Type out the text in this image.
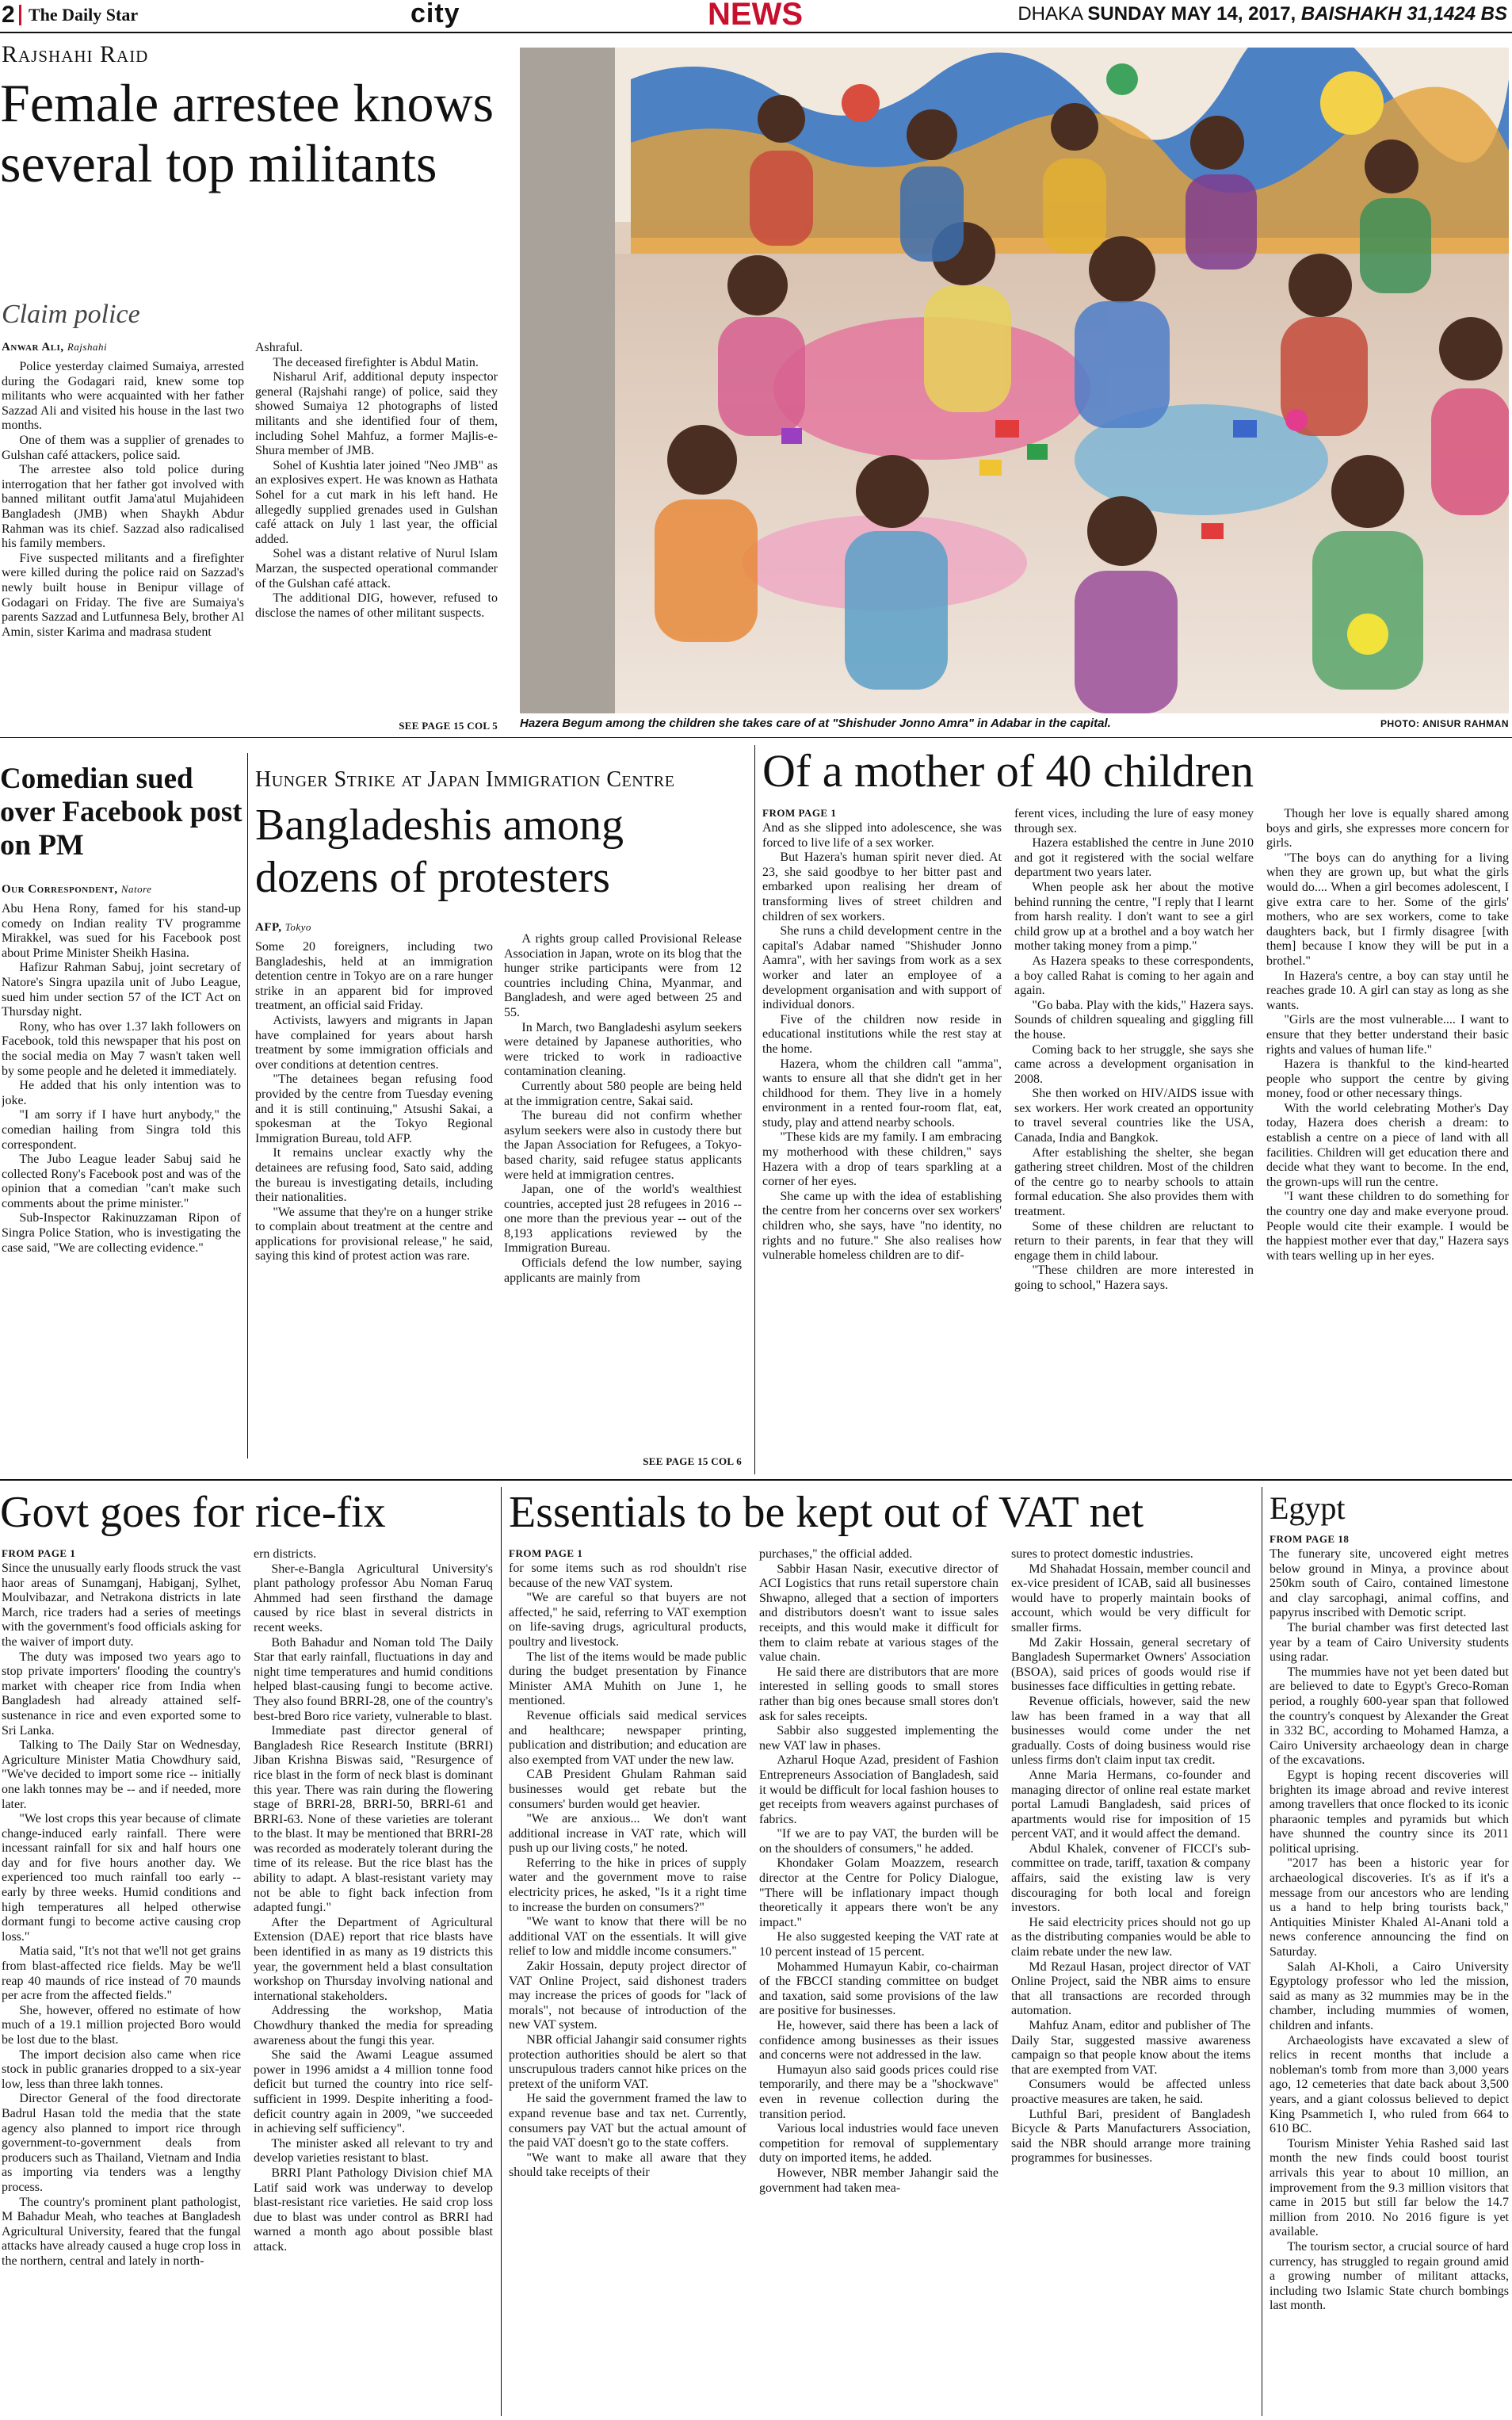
2 The Daily Star	city	NEWS	DHAKA SUNDAY MAY 14, 2017, BAISHAKH 31,1424 BS
Rajshahi Raid
Female arrestee knows several top militants
Claim police
Anwar Ali, Rajshahi

Police yesterday claimed Sumaiya, arrested during the Godagari raid, knew some top militants who were acquainted with her father Sazzad Ali and visited his house in the last two months.

One of them was a supplier of grenades to Gulshan café attackers, police said.

The arrestee also told police during interrogation that her father got involved with banned militant outfit Jama'atul Mujahideen Bangladesh (JMB) when Shaykh Abdur Rahman was its chief. Sazzad also radicalised his family members.

Five suspected militants and a firefighter were killed during the police raid on Sazzad's newly built house in Benipur village of Godagari on Friday. The five are Sumaiya's parents Sazzad and Lutfunnesa Bely, brother Al Amin, sister Karima and madrasa student

Ashraful.

The deceased firefighter is Abdul Matin.

Nisharul Arif, additional deputy inspector general (Rajshahi range) of police, said they showed Sumaiya 12 photographs of listed militants and she identified four of them, including Sohel Mahfuz, a former Majlis-e-Shura member of JMB.

Sohel of Kushtia later joined "Neo JMB" as an explosives expert. He was known as Hathata Sohel for a cut mark in his left hand. He allegedly supplied grenades used in Gulshan café attack on July 1 last year, the official added.

Sohel was a distant relative of Nurul Islam Marzan, the suspected operational commander of the Gulshan café attack.

The additional DIG, however, refused to disclose the names of other militant suspects.

SEE PAGE 15 COL 5 Hazera Begum among the children she takes care of at "Shishuder Jonno Amra" in Adabar in the capital.	PHOTO: ANISUR RAHMAN
Comedian sued over Facebook post on PM
Our Correspondent, Natore

Abu Hena Rony, famed for his stand-up comedy on Indian reality TV programme Mirakkel, was sued for his Facebook post about Prime Minister Sheikh Hasina.

Hafizur Rahman Sabuj, joint secretary of Natore's Singra upazila unit of Jubo League, sued him under section 57 of the ICT Act on Thursday night.

Rony, who has over 1.37 lakh followers on Facebook, told this newspaper that his post on the social media on May 7 wasn't taken well by some people and he deleted it immediately.

He added that his only intention was to joke.

"I am sorry if I have hurt anybody," the comedian hailing from Singra told this correspondent.

The Jubo League leader Sabuj said he collected Rony's Facebook post and was of the opinion that a comedian "can't make such comments about the prime minister."

Sub-Inspector Rakinuzzaman Ripon of Singra Police Station, who is investigating the case said, "We are collecting evidence."

Hunger Strike at Japan Immigration Centre
Bangladeshis among dozens of protesters
AFP, Tokyo

Some 20 foreigners, including two Bangladeshis, held at an immigration detention centre in Tokyo are on a rare hunger strike in an apparent bid for improved treatment, an official said Friday.

Activists, lawyers and migrants in Japan have complained for years about harsh treatment by some immigration officials and over conditions at detention centres.

"The detainees began refusing food provided by the centre from Tuesday evening and it is still continuing," Atsushi Sakai, a spokesman at the Tokyo Regional Immigration Bureau, told AFP.

It remains unclear exactly why the detainees are refusing food, Sato said, adding the bureau is investigating details, including their nationalities.

"We assume that they're on a hunger strike to complain about treatment at the centre and applications for provisional release," he said, saying this kind of protest action was rare.

A rights group called Provisional Release Association in Japan, wrote on its blog that the hunger strike participants were from 12 countries including China, Myanmar, and Bangladesh, and were aged between 25 and 55.

In March, two Bangladeshi asylum seekers were detained by Japanese authorities, who were tricked to work in radioactive contamination cleaning.

Currently about 580 people are being held at the immigration centre, Sakai said.

The bureau did not confirm whether asylum seekers were also in custody there but the Japan Association for Refugees, a Tokyo-based charity, said refugee status applicants were held at immigration centres.

Japan, one of the world's wealthiest countries, accepted just 28 refugees in 2016 -- one more than the previous year -- out of the 8,193 applications reviewed by the Immigration Bureau.

Officials defend the low number, saying applicants are mainly from

SEE PAGE 15 COL 6
Of a mother of 40 children
FROM PAGE 1

And as she slipped into adolescence, she was forced to live life of a sex worker.

But Hazera's human spirit never died. At 23, she said goodbye to her bitter past and embarked upon realising her dream of transforming lives of street children and children of sex workers.

She runs a child development centre in the capital's Adabar named "Shishuder Jonno Aamra", with her savings from work as a sex worker and later an employee of a development organisation and with support of individual donors.

Five of the children now reside in educational institutions while the rest stay at the home.

Hazera, whom the children call "amma", wants to ensure all that she didn't get in her childhood for them. They live in a homely environment in a rented four-room flat, eat, study, play and attend nearby schools.

"These kids are my family. I am embracing my motherhood with these children," says Hazera with a drop of tears sparkling at a corner of her eyes.

She came up with the idea of establishing the centre from her concerns over sex workers' children who, she says, have "no identity, no rights and no future." She also realises how vulnerable homeless children are to dif-

ferent vices, including the lure of easy money through sex.

Hazera established the centre in June 2010 and got it registered with the social welfare department two years later.

When people ask her about the motive behind running the centre, "I reply that I learnt from harsh reality. I don't want to see a girl child grow up at a brothel and a boy watch her mother taking money from a pimp."

As Hazera speaks to these correspondents, a boy called Rahat is coming to her again and again.

"Go baba. Play with the kids," Hazera says. Sounds of children squealing and giggling fill the house.

Coming back to her struggle, she says she came across a development organisation in 2008.

She then worked on HIV/AIDS issue with sex workers. Her work created an opportunity to travel several countries like the USA, Canada, India and Bangkok.

After establishing the shelter, she began gathering street children. Most of the children of the centre go to nearby schools to attain formal education. She also provides them with treatment.

Some of these children are reluctant to return to their parents, in fear that they will engage them in child labour.

"These children are more interested in going to school," Hazera says.

Though her love is equally shared among boys and girls, she expresses more concern for girls.

"The boys can do anything for a living when they are grown up, but what the girls would do.... When a girl becomes adolescent, I give extra care to her. Some of the girls' mothers, who are sex workers, come to take daughters back, but I firmly disagree [with them] because I know they will be put in a brothel."

In Hazera's centre, a boy can stay until he reaches grade 10. A girl can stay as long as she wants.

"Girls are the most vulnerable.... I want to ensure that they better understand their basic rights and values of human life."

Hazera is thankful to the kind-hearted people who support the centre by giving money, food or other necessary things.

With the world celebrating Mother's Day today, Hazera does cherish a dream: to establish a centre on a piece of land with all facilities. Children will get education there and decide what they want to become. In the end, the grown-ups will run the centre.

"I want these children to do something for the country one day and make everyone proud. People would cite their example. I would be the happiest mother ever that day," Hazera says with tears welling up in her eyes.

Govt goes for rice-fix
FROM PAGE 1

Since the unusually early floods struck the vast haor areas of Sunamganj, Habiganj, Sylhet, Moulvibazar, and Netrakona districts in late March, rice traders had a series of meetings with the government's food officials asking for the waiver of import duty.

The duty was imposed two years ago to stop private importers' flooding the country's market with cheaper rice from India when Bangladesh had already attained self-sustenance in rice and even exported some to Sri Lanka.

Talking to The Daily Star on Wednesday, Agriculture Minister Matia Chowdhury said, "We've decided to import some rice -- initially one lakh tonnes may be -- and if needed, more later.

"We lost crops this year because of climate change-induced early rainfall. There were incessant rainfall for six and half hours one day and for five hours another day. We experienced too much rainfall too early -- early by three weeks. Humid conditions and high temperatures all helped otherwise dormant fungi to become active causing crop loss."

Matia said, "It's not that we'll not get grains from blast-affected rice fields. May be we'll reap 40 maunds of rice instead of 70 maunds per acre from the affected fields."

She, however, offered no estimate of how much of a 19.1 million projected Boro would be lost due to the blast.

The import decision also came when rice stock in public granaries dropped to a six-year low, less than three lakh tonnes.

Director General of the food directorate Badrul Hasan told the media that the state agency also planned to import rice through government-to-government deals from producers such as Thailand, Vietnam and India as importing via tenders was a lengthy process.

The country's prominent plant pathologist, M Bahadur Meah, who teaches at Bangladesh Agricultural University, feared that the fungal attacks have already caused a huge crop loss in the northern, central and lately in north-

ern districts.

Sher-e-Bangla Agricultural University's plant pathology professor Abu Noman Faruq Ahmmed had seen firsthand the damage caused by rice blast in several districts in recent weeks.

Both Bahadur and Noman told The Daily Star that early rainfall, fluctuations in day and night time temperatures and humid conditions helped blast-causing fungi to become active. They also found BRRI-28, one of the country's best-bred Boro rice variety, vulnerable to blast.

Immediate past director general of Bangladesh Rice Research Institute (BRRI) Jiban Krishna Biswas said, "Resurgence of rice blast in the form of neck blast is dominant this year. There was rain during the flowering stage of BRRI-28, BRRI-50, BRRI-61 and BRRI-63. None of these varieties are tolerant to the blast. It may be mentioned that BRRI-28 was recorded as moderately tolerant during the time of its release. But the rice blast has the ability to adapt. A blast-resistant variety may not be able to fight back infection from adapted fungi."

After the Department of Agricultural Extension (DAE) report that rice blasts have been identified in as many as 19 districts this year, the government held a blast consultation workshop on Thursday involving national and international stakeholders.

Addressing the workshop, Matia Chowdhury thanked the media for spreading awareness about the fungi this year.

She said the Awami League assumed power in 1996 amidst a 4 million tonne food deficit but turned the country into rice self-sufficient in 1999. Despite inheriting a food-deficit country again in 2009, "we succeeded in achieving self sufficiency".

The minister asked all relevant to try and develop varieties resistant to blast.

BRRI Plant Pathology Division chief MA Latif said work was underway to develop blast-resistant rice varieties. He said crop loss due to blast was under control as BRRI had warned a month ago about possible blast attack.

Essentials to be kept out of VAT net
FROM PAGE 1

for some items such as rod shouldn't rise because of the new VAT system.

"We are careful so that buyers are not affected," he said, referring to VAT exemption on life-saving drugs, agricultural products, poultry and livestock.

The list of the items would be made public during the budget presentation by Finance Minister AMA Muhith on June 1, he mentioned.

Revenue officials said medical services and healthcare; newspaper printing, publication and distribution; and education are also exempted from VAT under the new law.

CAB President Ghulam Rahman said businesses would get rebate but the consumers' burden would get heavier.

"We are anxious... We don't want additional increase in VAT rate, which will push up our living costs," he noted.

Referring to the hike in prices of supply water and the government move to raise electricity prices, he asked, "Is it a right time to increase the burden on consumers?"

"We want to know that there will be no additional VAT on the essentials. It will give relief to low and middle income consumers."

Zakir Hossain, deputy project director of VAT Online Project, said dishonest traders may increase the prices of goods for "lack of morals", not because of introduction of the new VAT system.

NBR official Jahangir said consumer rights protection authorities should be alert so that unscrupulous traders cannot hike prices on the pretext of the uniform VAT.

He said the government framed the law to expand revenue base and tax net. Currently, consumers pay VAT but the actual amount of the paid VAT doesn't go to the state coffers.

"We want to make all aware that they should take receipts of their

purchases," the official added.

Sabbir Hasan Nasir, executive director of ACI Logistics that runs retail superstore chain Shwapno, alleged that a section of importers and distributors doesn't want to issue sales receipts, and this would make it difficult for them to claim rebate at various stages of the value chain.

He said there are distributors that are more interested in selling goods to small stores rather than big ones because small stores don't ask for sales receipts.

Sabbir also suggested implementing the new VAT law in phases.

Azharul Hoque Azad, president of Fashion Entrepreneurs Association of Bangladesh, said it would be difficult for local fashion houses to get receipts from weavers against purchases of fabrics.

"If we are to pay VAT, the burden will be on the shoulders of consumers," he added.

Khondaker Golam Moazzem, research director at the Centre for Policy Dialogue, "There will be inflationary impact though theoretically it appears there won't be any impact."

He also suggested keeping the VAT rate at 10 percent instead of 15 percent.

Mohammed Humayun Kabir, co-chairman of the FBCCI standing committee on budget and taxation, said some provisions of the law are positive for businesses.

He, however, said there has been a lack of confidence among businesses as their issues and concerns were not addressed in the law.

Humayun also said goods prices could rise temporarily, and there may be a "shockwave" even in revenue collection during the transition period.

Various local industries would face uneven competition for removal of supplementary duty on imported items, he added.

However, NBR member Jahangir said the government had taken mea-

sures to protect domestic industries.

Md Shahadat Hossain, member council and ex-vice president of ICAB, said all businesses would have to properly maintain books of account, which would be very difficult for smaller firms.

Md Zakir Hossain, general secretary of Bangladesh Supermarket Owners' Association (BSOA), said prices of goods would rise if businesses face difficulties in getting rebate.

Revenue officials, however, said the new law has been framed in a way that all businesses would come under the net gradually. Costs of doing business would rise unless firms don't claim input tax credit.

Anne Maria Hermans, co-founder and managing director of online real estate market portal Lamudi Bangladesh, said prices of apartments would rise for imposition of 15 percent VAT, and it would affect the demand.

Abdul Khalek, convener of FICCI's sub-committee on trade, tariff, taxation & company affairs, said the existing law is very discouraging for both local and foreign investors.

He said electricity prices should not go up as the distributing companies would be able to claim rebate under the new law.

Md Rezaul Hasan, project director of VAT Online Project, said the NBR aims to ensure that all transactions are recorded through automation.

Mahfuz Anam, editor and publisher of The Daily Star, suggested massive awareness campaign so that people know about the items that are exempted from VAT.

Consumers would be affected unless proactive measures are taken, he said.

Luthful Bari, president of Bangladesh Bicycle & Parts Manufacturers Association, said the NBR should arrange more training programmes for businesses.

Egypt
FROM PAGE 18

The funerary site, uncovered eight metres below ground in Minya, a province about 250km south of Cairo, contained limestone and clay sarcophagi, animal coffins, and papyrus inscribed with Demotic script.

The burial chamber was first detected last year by a team of Cairo University students using radar.

The mummies have not yet been dated but are believed to date to Egypt's Greco-Roman period, a roughly 600-year span that followed the country's conquest by Alexander the Great in 332 BC, according to Mohamed Hamza, a Cairo University archaeology dean in charge of the excavations.

Egypt is hoping recent discoveries will brighten its image abroad and revive interest among travellers that once flocked to its iconic pharaonic temples and pyramids but which have shunned the country since its 2011 political uprising.

"2017 has been a historic year for archaeological discoveries. It's as if it's a message from our ancestors who are lending us a hand to help bring tourists back," Antiquities Minister Khaled Al-Anani told a news conference announcing the find on Saturday.

Salah Al-Kholi, a Cairo University Egyptology professor who led the mission, said as many as 32 mummies may be in the chamber, including mummies of women, children and infants.

Archaeologists have excavated a slew of relics in recent months that include a nobleman's tomb from more than 3,000 years ago, 12 cemeteries that date back about 3,500 years, and a giant colossus believed to depict King Psammetich I, who ruled from 664 to 610 BC.

Tourism Minister Yehia Rashed said last month the new finds could boost tourist arrivals this year to about 10 million, an improvement from the 9.3 million visitors that came in 2015 but still far below the 14.7 million from 2010. No 2016 figure is yet available.

The tourism sector, a crucial source of hard currency, has struggled to regain ground amid a growing number of militant attacks, including two Islamic State church bombings last month.
